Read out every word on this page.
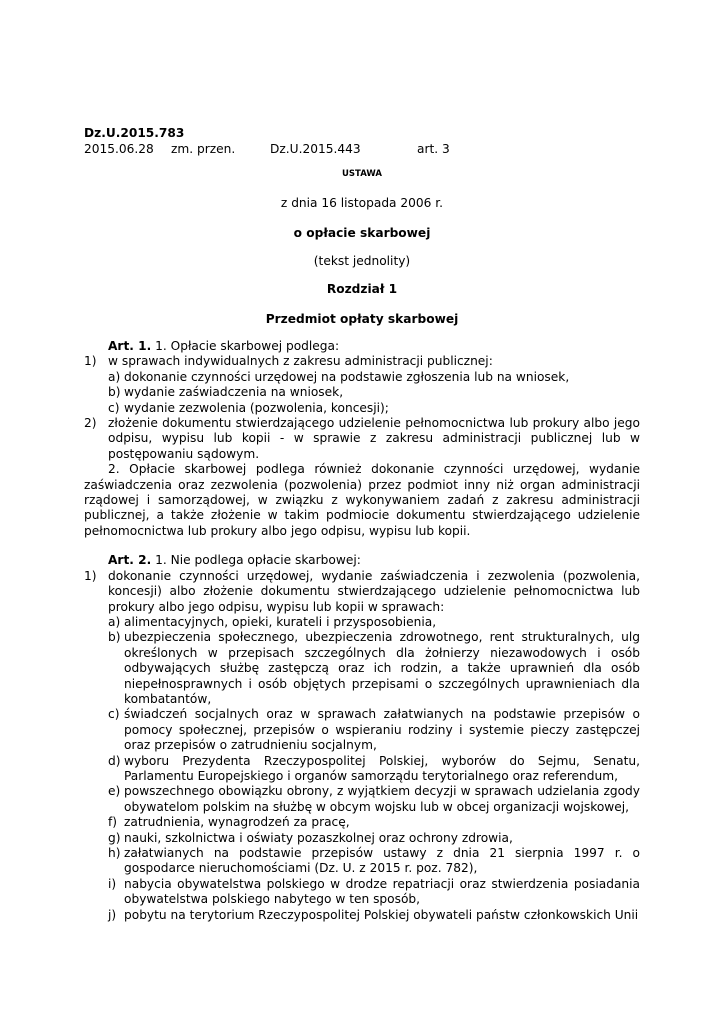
Dz.U.2015.783
2015.06.28 zm. przen.	Dz.U.2015.443	art. 3
USTAWA
z dnia 16 listopada 2006 r.
o opłacie skarbowej
(tekst jednolity)
Rozdział 1
Przedmiot opłaty skarbowej

Art. 1. 1. Opłacie skarbowej podlega:

1) w sprawach indywidualnych z zakresu administracji publicznej:
a) dokonanie czynności urzędowej na podstawie zgłoszenia lub na wniosek,
b) wydanie zaświadczenia na wniosek,
c) wydanie zezwolenia (pozwolenia, koncesji);
2) złożenie dokumentu stwierdzającego udzielenie pełnomocnictwa lub prokury albo jego odpisu, wypisu lub kopii - w sprawie z zakresu administracji publicznej lub w postępowaniu sądowym.

2. Opłacie skarbowej podlega również dokonanie czynności urzędowej, wydanie zaświadczenia oraz zezwolenia (pozwolenia) przez podmiot inny niż organ administracji rządowej i samorządowej, w związku z wykonywaniem zadań z zakresu administracji publicznej, a także złożenie w takim podmiocie dokumentu stwierdzającego udzielenie pełnomocnictwa lub prokury albo jego odpisu, wypisu lub kopii.

Art. 2. 1. Nie podlega opłacie skarbowej:

1) dokonanie czynności urzędowej, wydanie zaświadczenia i zezwolenia (pozwolenia, koncesji) albo złożenie dokumentu stwierdzającego udzielenie pełnomocnictwa lub prokury albo jego odpisu, wypisu lub kopii w sprawach:
a) alimentacyjnych, opieki, kurateli i przysposobienia,
b) ubezpieczenia społecznego, ubezpieczenia zdrowotnego, rent strukturalnych, ulg określonych w przepisach szczególnych dla żołnierzy niezawodowych i osób odbywających służbę zastępczą oraz ich rodzin, a także uprawnień dla osób niepełnosprawnych i osób objętych przepisami o szczególnych uprawnieniach dla kombatantów,
c) świadczeń socjalnych oraz w sprawach załatwianych na podstawie przepisów o pomocy społecznej, przepisów o wspieraniu rodziny i systemie pieczy zastępczej oraz przepisów o zatrudnieniu socjalnym,
d) wyboru Prezydenta Rzeczypospolitej Polskiej, wyborów do Sejmu, Senatu, Parlamentu Europejskiego i organów samorządu terytorialnego oraz referendum,
e) powszechnego obowiązku obrony, z wyjątkiem decyzji w sprawach udzielania zgody obywatelom polskim na służbę w obcym wojsku lub w obcej organizacji wojskowej,
f) zatrudnienia, wynagrodzeń za pracę,
g) nauki, szkolnictwa i oświaty pozaszkolnej oraz ochrony zdrowia,
h) załatwianych na podstawie przepisów ustawy z dnia 21 sierpnia 1997 r. o gospodarce nieruchomościami (Dz. U. z 2015 r. poz. 782),
i) nabycia obywatelstwa polskiego w drodze repatriacji oraz stwierdzenia posiadania obywatelstwa polskiego nabytego w ten sposób,
j) pobytu na terytorium Rzeczypospolitej Polskiej obywateli państw członkowskich Unii
